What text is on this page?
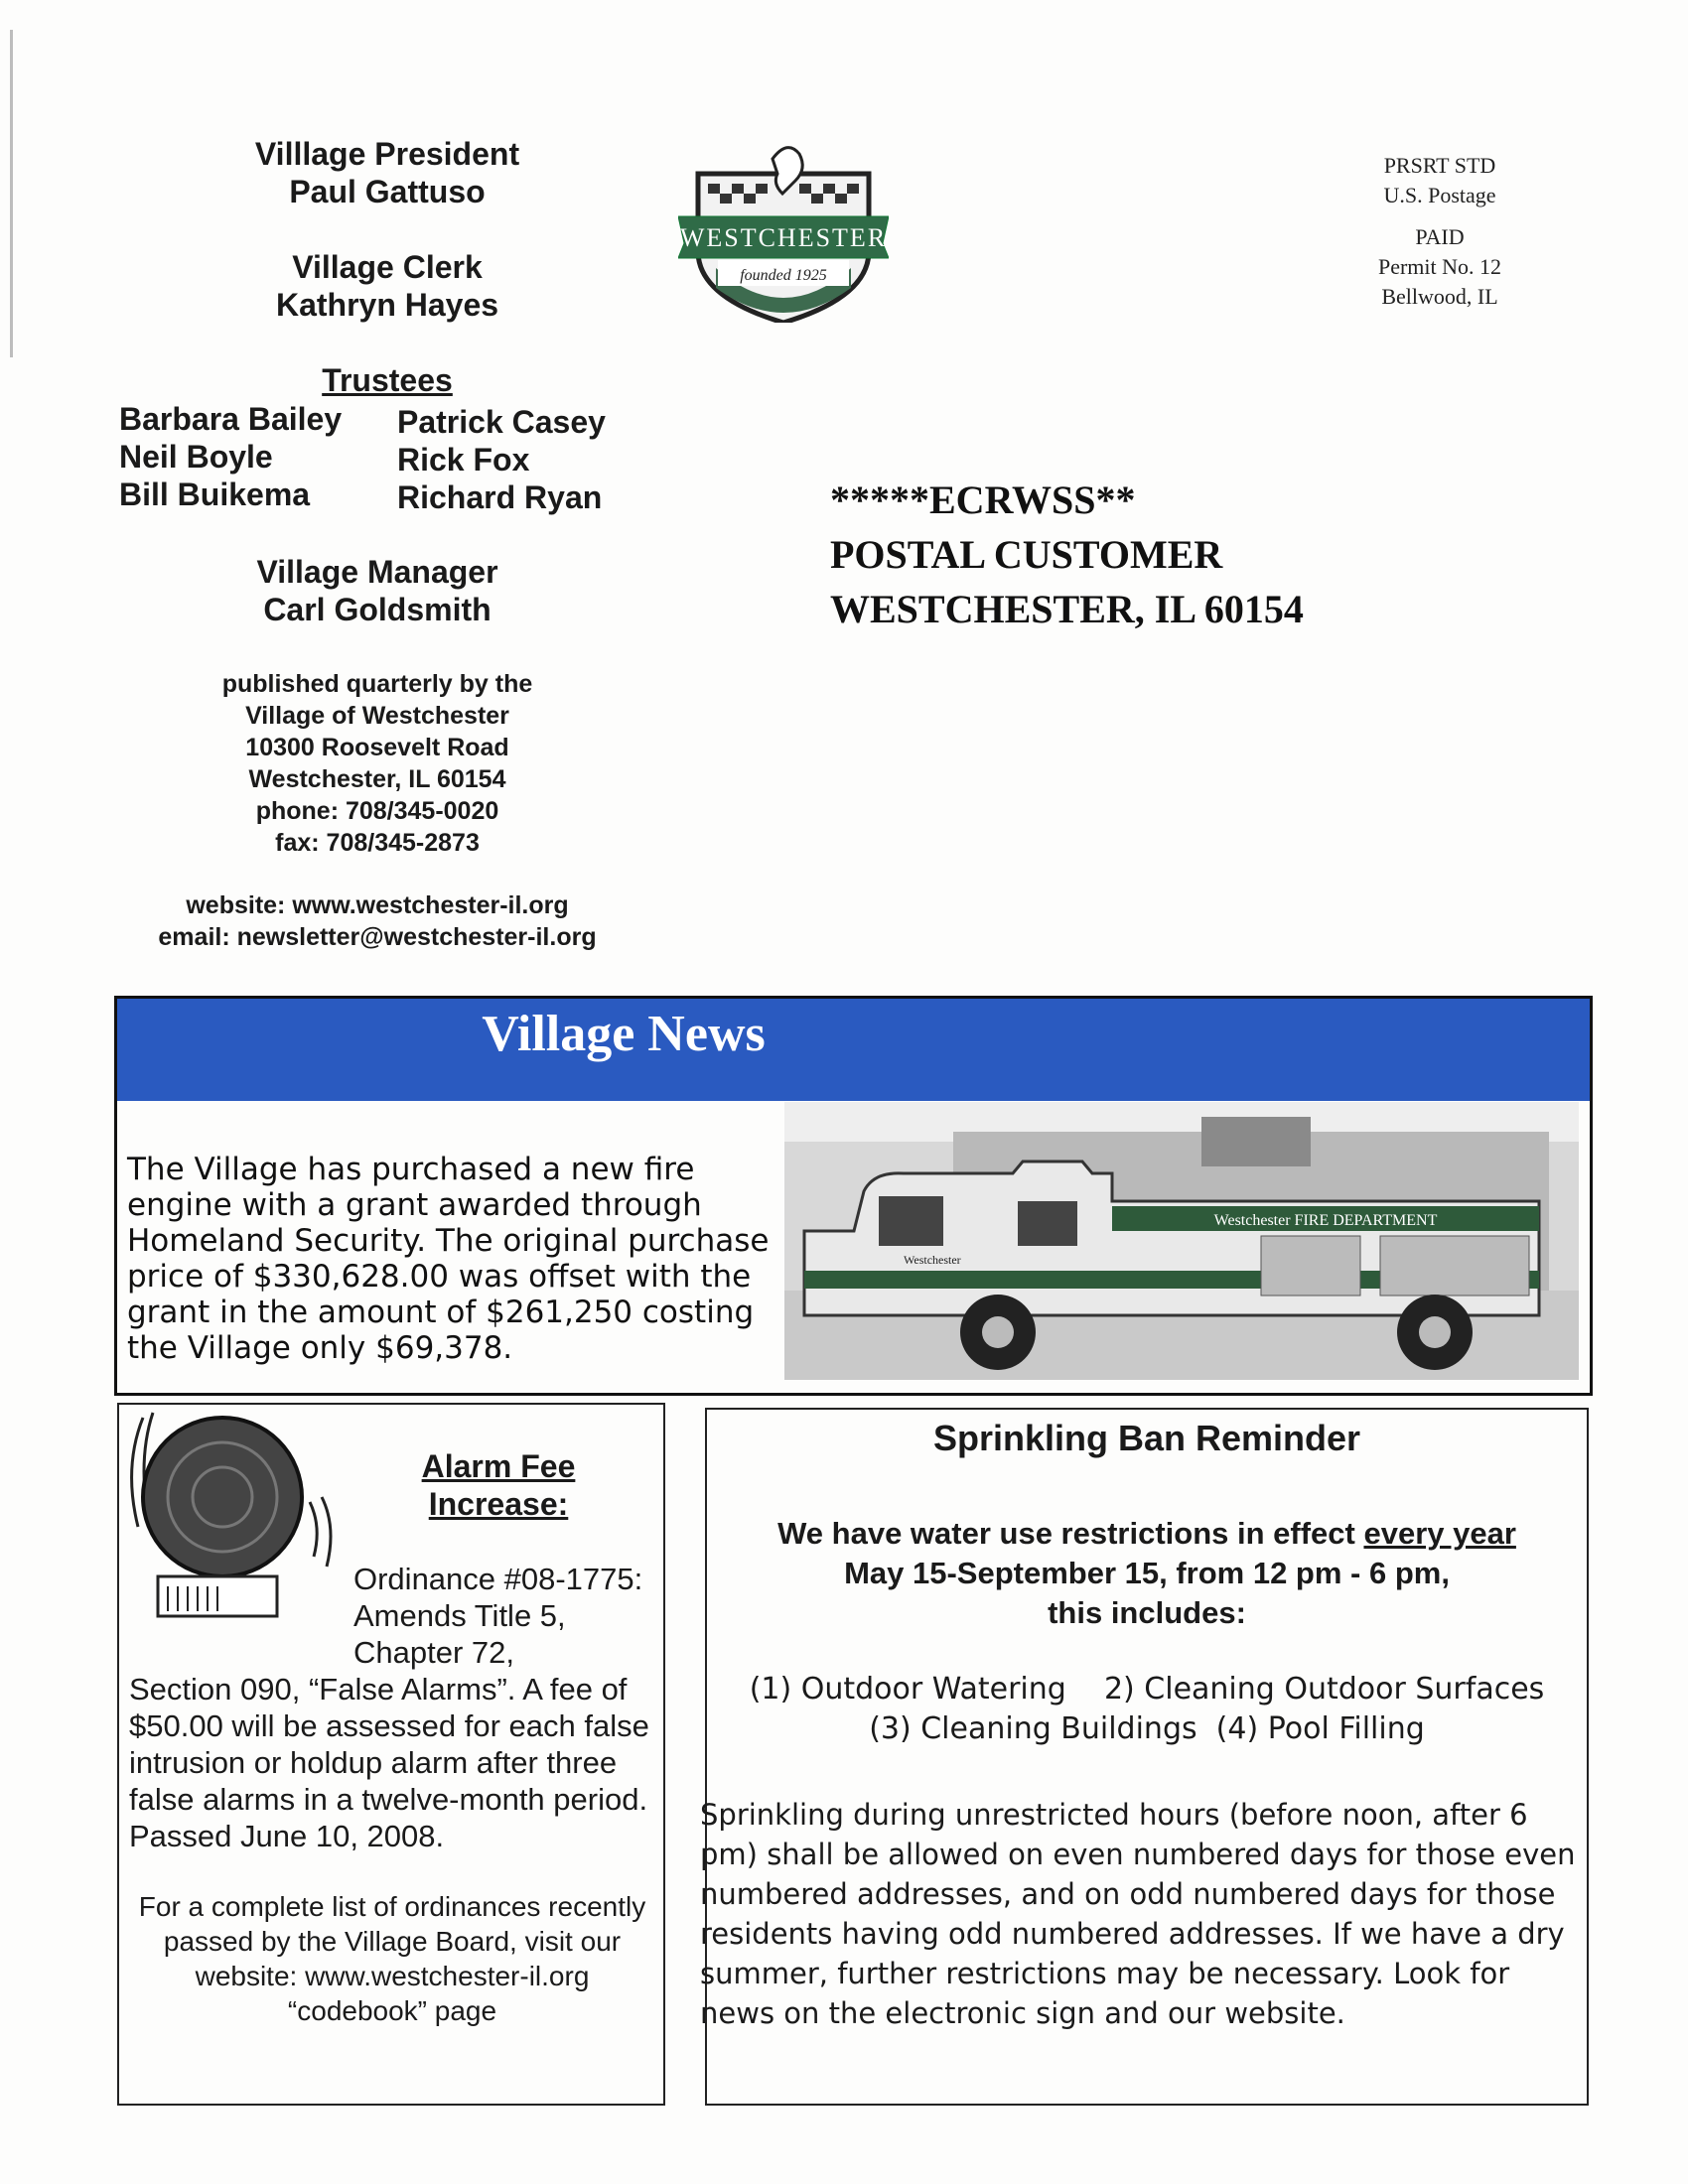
Villlage President
Paul Gattuso
Village Clerk
Kathryn Hayes
Trustees
Barbara Bailey Patrick Casey
Neil Boyle	Rick Fox
Bill Buikema	Richard Ryan
Village Manager
Carl Goldsmith
published quarterly by the
Village of Westchester
10300 Roosevelt Road
Westchester, IL 60154
phone: 708/345-0020
fax: 708/345-2873
website: www.westchester-il.org
email: newsletter@westchester-il.org
WESTCHESTER
founded 1925
PRSRT STD
U.S. Postage
PAID
Permit No. 12
Bellwood, IL
*****ECRWSS**
POSTAL CUSTOMER
WESTCHESTER, IL 60154
Village News
The Village has purchased a new fire engine with a grant awarded through Homeland Security. The original purchase price of $330,628.00 was offset with the grant in the amount of $261,250 costing the Village only $69,378.
Westchester FIRE DEPARTMENT
Westchester
Alarm Fee
Increase:
Ordinance #08-1775: Amends Title 5, Chapter 72,
Section 090, “False Alarms”. A fee of $50.00 will be assessed for each false intrusion or holdup alarm after three false alarms in a twelve-month period. Passed June 10, 2008.
For a complete list of ordinances recently passed by the Village Board, visit our website: www.westchester-il.org “codebook” page
Sprinkling Ban Reminder
We have water use restrictions in effect every year
May 15-September 15, from 12 pm - 6 pm,
this includes:
(1) Outdoor Watering    2) Cleaning Outdoor Surfaces
(3) Cleaning Buildings  (4) Pool Filling
Sprinkling during unrestricted hours (before noon, after 6 pm) shall be allowed on even numbered days for those even numbered addresses, and on odd numbered days for those residents having odd numbered addresses. If we have a dry summer, further restrictions may be necessary. Look for news on the electronic sign and our website.
